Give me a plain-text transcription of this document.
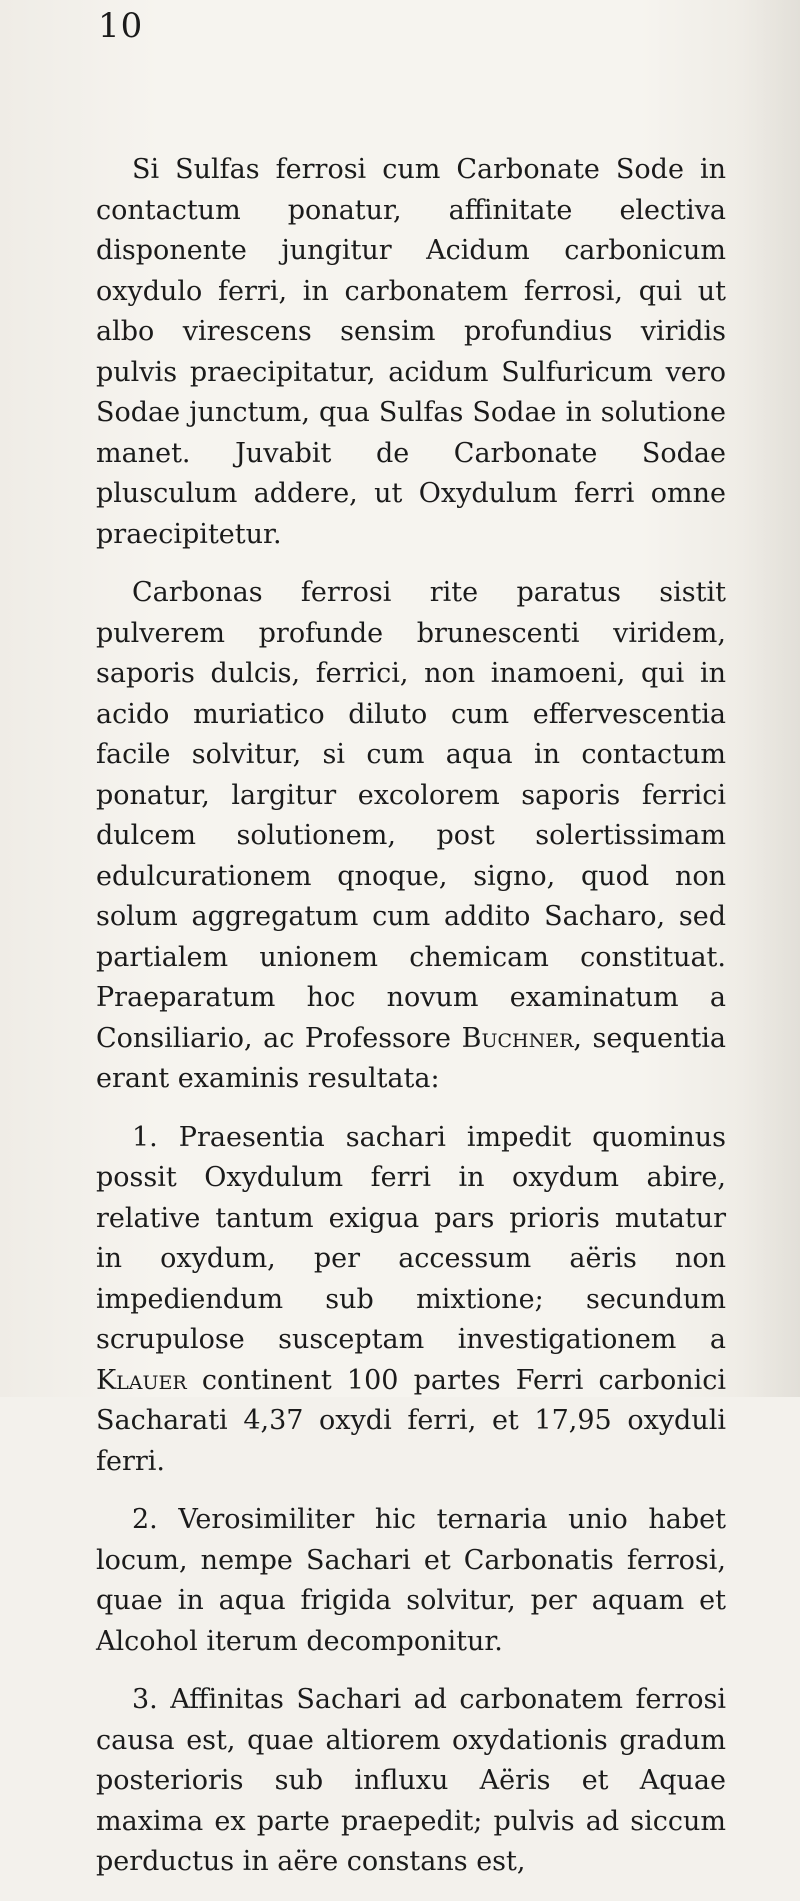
10

Si Sulfas ferrosi cum Carbonate Sode in contactum ponatur, affinitate electiva disponente jungitur Acidum carbonicum oxydulo ferri, in carbonatem ferrosi, qui ut albo virescens sensim profundius viridis pulvis praecipitatur, acidum Sulfuricum vero Sodae junctum, qua Sulfas Sodae in solutione manet. Juvabit de Carbonate Sodae plusculum addere, ut Oxydulum ferri omne praecipitetur.

Carbonas ferrosi rite paratus sistit pulverem profunde brunescenti viridem, saporis dulcis, ferrici, non inamoeni, qui in acido muriatico diluto cum effervescentia facile solvitur, si cum aqua in contactum ponatur, largitur excolorem saporis ferrici dulcem solutionem, post solertissimam edulcurationem qnoque, signo, quod non solum aggregatum cum addito Sacharo, sed partialem unionem chemicam constituat. Praeparatum hoc novum examinatum a Consiliario, ac Professore Buchner, sequentia erant examinis resultata:

1. Praesentia sachari impedit quominus possit Oxydulum ferri in oxydum abire, relative tantum exigua pars prioris mutatur in oxydum, per accessum aëris non impediendum sub mixtione; secundum scrupulose susceptam investigationem a Klauer continent 100 partes Ferri carbonici Sacharati 4,37 oxydi ferri, et 17,95 oxyduli ferri.

2. Verosimiliter hic ternaria unio habet locum, nempe Sachari et Carbonatis ferrosi, quae in aqua frigida solvitur, per aquam et Alcohol iterum decomponitur.

3. Affinitas Sachari ad carbonatem ferrosi causa est, quae altiorem oxydationis gradum posterioris sub influxu Aëris et Aquae maxima ex parte praepedit; pulvis ad siccum perductus in aëre constans est,
